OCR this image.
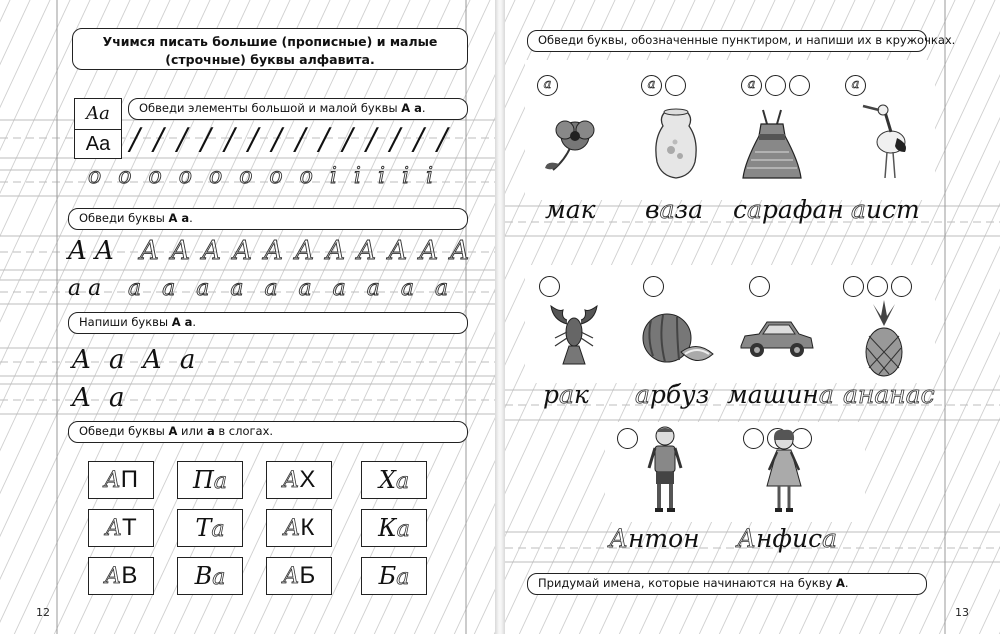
Учимся писать большие (прописные) и малые (строчные) буквы алфавита.
Aa
Aa
Обведи элементы большой и малой буквы А а.
/ / / / / / / / / / / / / /
o o o o o o o o i i i i i
Обведи буквы А а.
A A A A A A A A A A A A A
a a a a a a a a a a a a
Напиши буквы А а.
A a A a
A a
Обведи буквы А или а в слогах.
АП	Па	АХ	Ха
АТ	Та	АК	Ка
АВ	Ва	АБ	Ба
12
Обведи буквы, обозначенные пунктиром, и напиши их в кружочках.
а	а	а	а
мак ваза сарафан аист
рак арбуз машина ананас
Антон Анфиса
Придумай имена, которые начинаются на букву А.
13
